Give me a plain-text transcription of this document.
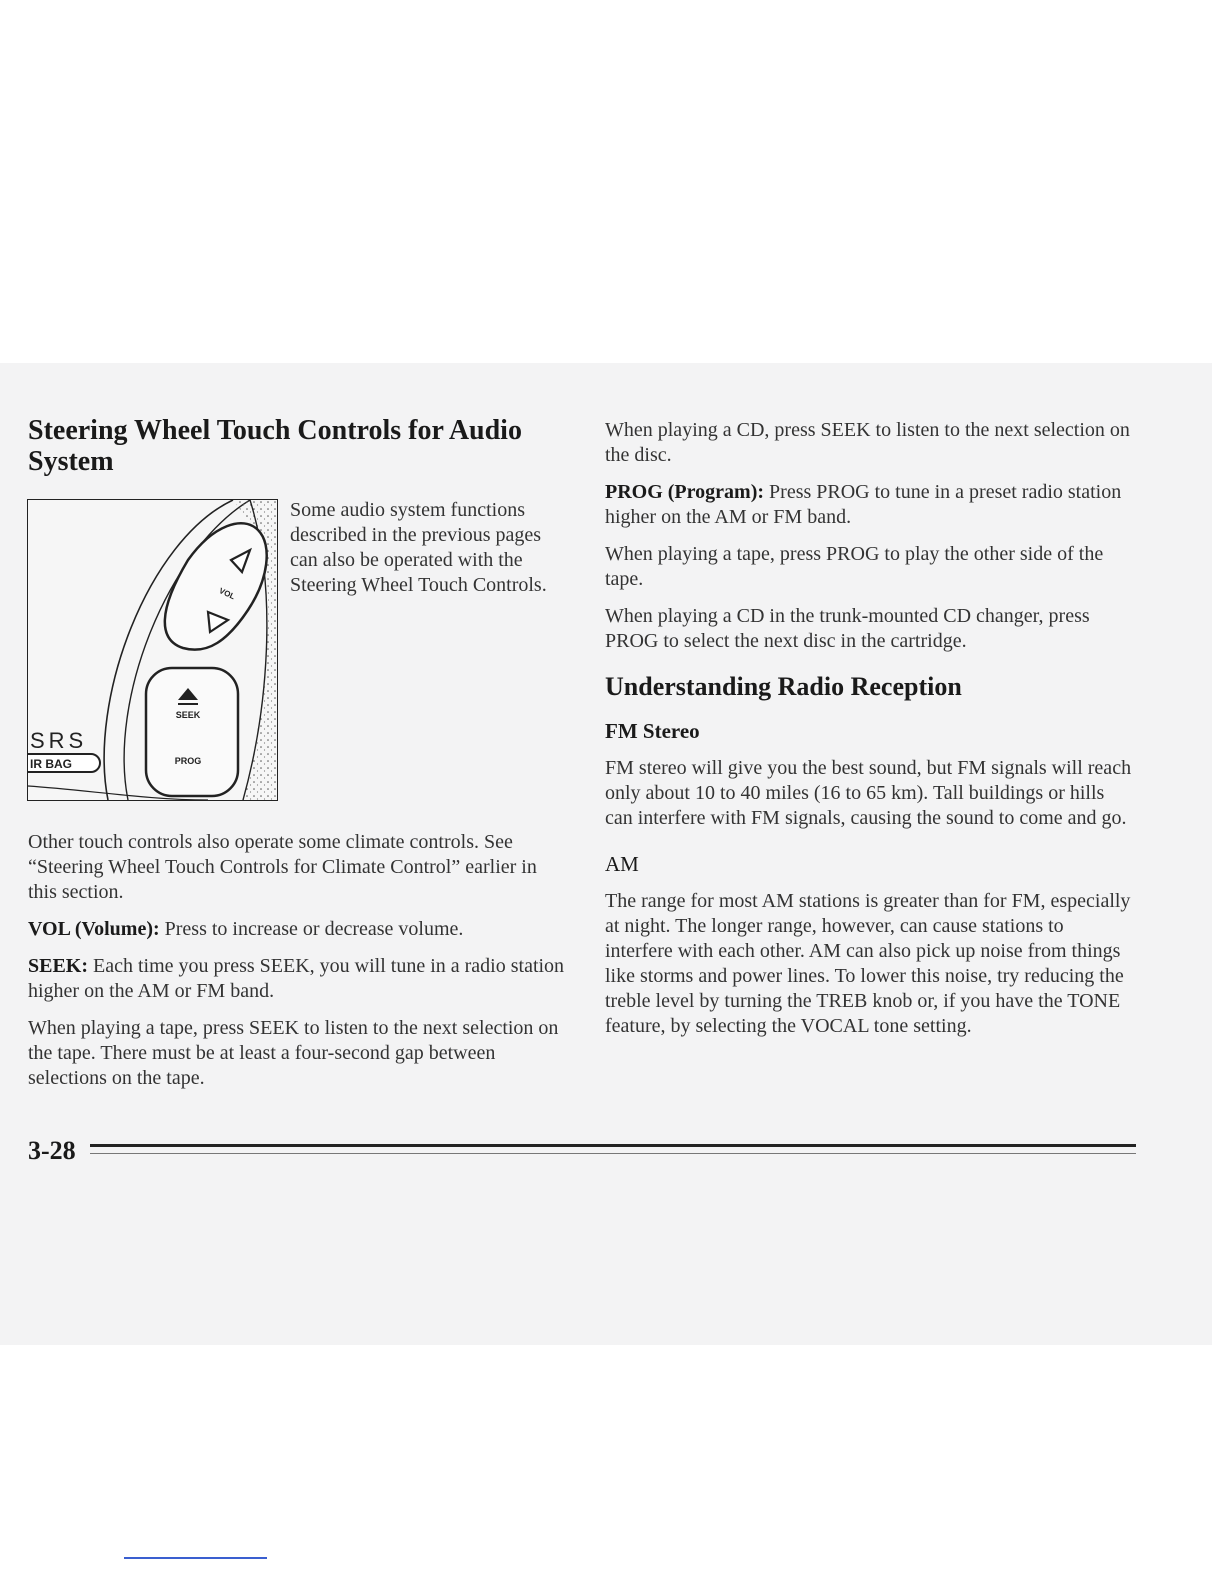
Steering Wheel Touch Controls for Audio System
VOL
SEEK
PROG
SRS
IR BAG

Some audio system functions described in the previous pages can also be operated with the Steering Wheel Touch Controls.

Other touch controls also operate some climate controls. See “Steering Wheel Touch Controls for Climate Control” earlier in this section.

VOL (Volume): Press to increase or decrease volume.

SEEK: Each time you press SEEK, you will tune in a radio station higher on the AM or FM band.

When playing a tape, press SEEK to listen to the next selection on the tape. There must be at least a four-second gap between selections on the tape.

When playing a CD, press SEEK to listen to the next selection on the disc.

PROG (Program): Press PROG to tune in a preset radio station higher on the AM or FM band.

When playing a tape, press PROG to play the other side of the tape.

When playing a CD in the trunk-mounted CD changer, press PROG to select the next disc in the cartridge.

Understanding Radio Reception
FM Stereo

FM stereo will give you the best sound, but FM signals will reach only about 10 to 40 miles (16 to 65 km). Tall buildings or hills can interfere with FM signals, causing the sound to come and go.

AM

The range for most AM stations is greater than for FM, especially at night. The longer range, however, can cause stations to interfere with each other. AM can also pick up noise from things like storms and power lines. To lower this noise, try reducing the treble level by turning the TREB knob or, if you have the TONE feature, by selecting the VOCAL tone setting.

3-28
